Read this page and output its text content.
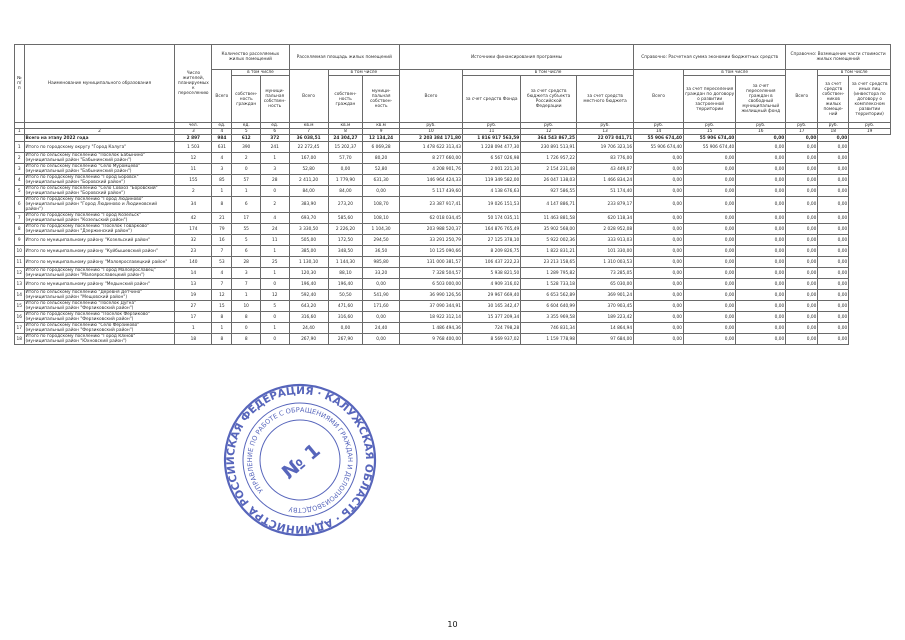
№ п/п	Наименование муниципального образования	Число жителей, планируемых к переселению	Количество расселяемых жилых помещений			Расселяемая площадь жилых помещений			Источники финансирования программы				Справочно: Расчетная сумма экономии бюджетных средств			Справочно: Возмещение части стоимости жилых помещений		
			Всего	в том числе		Всего	в том числе		Всего	в том числе			Всего	в том числе		Всего	в том числе	
				собствен-ность граждан	муници-пальная собствен-ность		собствен-ность граждан	муници-пальная собствен-ность		за счет средств Фонда	за счет средств бюджета субъекта Российской Федерации	за счет средств местного бюджета		за счет переселения граждан по договору о развитии застроенной территории	за счет переселения граждан в свободный муниципальный жилищный фонд		за счет средств собствен-ников жилых помеще-ний	за счет средств иных лиц (инвестора по договору о комплексном развитии территории)
		чел.	ед.	ед.	ед.	кв.м	кв.м	кв.м	руб.	руб.	руб.	руб.	руб.	руб.	руб.	руб.	руб.	руб.
1	2	3	4	5	6	7	8	9	10	11	12	13	14	15	16	17	18	19
	Всего на этапу 2022 года	2 897	984	612	372	36 038,51	24 304,27	12 134,24	2 203 384 171,80	1 816 917 563,59	364 543 867,25	22 073 041,71	55 906 674,40	55 906 674,40	0,00	0,00	0,00	
1	Итого по городскому округу "Город Калуга"	1 503	631	390	241	22 272,45	15 202,37	6 069,28	1 478 622 313,43	1 228 094 477,30	230 891 513,91	19 706 323,16	55 906 674,40	55 906 674,40	0,00	0,00	0,00	
2	Итого по сельскому поселению "Поселок Бабынино" (муниципальный район "Бабынинский район")	12	4	2	1	167,00	57,70	80,20	8 277 660,00	6 567 026,98	1 726 957,22	83 776,00	0,00	0,00	0,00	0,00	0,00	
3	Итого по сельскому поселению "Село Муромцево" (муниципальный район "Бабынинский район")	11	3	0	3	52,80	0,00	52,80	4 208 901,76	2 001 221,30	2 154 231,48	43 449,07	0,00	0,00	0,00	0,00	0,00	
4	Итого по городскому поселению "Город Боровск" (муниципальный район "Боровский район")	155	85	57	28	2 411,20	1 779,90	631,30	146 964 424,33	119 349 582,00	26 047 138,03	1 466 834,24	0,00	0,00	0,00	0,00	0,00	
5	Итого по сельскому поселению "Село Совхоз "Боровский" (муниципальный район "Боровский район")	2	1	1	0	84,00	84,00	0,00	5 117 439,60	4 138 676,63	927 586,55	51 174,40	0,00	0,00	0,00	0,00	0,00	
6	Итого по городскому поселению "Город Людиново" (муниципальный район "Город Людиново и Людиновский район")	34	8	6	2	383,90	273,20	108,70	23 387 917,41	19 026 151,53	4 147 886,71	233 879,17	0,00	0,00	0,00	0,00	0,00	
7	Итого по городскому поселению "Город Козельск" (муниципальный район "Козельский район")	42	21	17	4	693,70	585,60	108,10	62 018 034,45	50 174 035,11	11 463 881,58	620 118,34	0,00	0,00	0,00	0,00	0,00	
8	Итого по городскому поселению "Поселок Товарково" (муниципальный район "Дзержинский район")	174	79	55	24	3 330,50	2 226,20	1 104,30	203 988 520,37	164 876 765,49	35 902 568,00	2 028 952,08	0,00	0,00	0,00	0,00	0,00	
9	Итого по муниципальному району "Козельский район"	32	16	5	11	505,00	172,50	294,50	33 291 250,79	27 125 378,10	5 922 002,36	333 913,03	0,00	0,00	0,00	0,00	0,00	
10	Итого по муниципальному району "Куйбышевский район"	23	7	6	1	385,00	348,50	36,50	10 125 090,66	8 209 826,75	1 822 831,21	101 330,00	0,00	0,00	0,00	0,00	0,00	
11	Итого по муниципальному району "Малоярославецкий район"	140	53	28	25	1 130,10	1 144,30	985,80	131 000 381,57	106 437 222,23	23 213 158,65	1 310 003,53	0,00	0,00	0,00	0,00	0,00	
12	Итого по городскому поселению "Город Малоярославец" (муниципальный район "Малоярославецкий район")	14	4	3	1	120,30	88,10	33,20	7 328 504,57	5 938 821,50	1 289 795,82	73 285,05	0,00	0,00	0,00	0,00	0,00	
13	Итого по муниципальному району "Медынский район"	13	7	7	0	196,40	196,40	0,00	6 503 000,00	4 909 316,02	1 528 733,18	65 030,00	0,00	0,00	0,00	0,00	0,00	
14	Итого по сельскому поселению "Деревня Детчино" (муниципальный район "Мещовский район")	19	12	1	12	592,40	50,50	541,90	36 990 126,56	29 967 669,40	6 653 562,89	369 901,24	0,00	0,00	0,00	0,00	0,00	
15	Итого по сельскому поселению "Поселок Дугна" (муниципальный район "Ферзиковский район")	27	15	10	5	643,20	471,60	171,60	37 090 344,91	30 165 342,47	6 604 640,99	370 903,45	0,00	0,00	0,00	0,00	0,00	
16	Итого по городскому поселению "Поселок Ферзиково" (муниципальный район "Ферзиковский район")	17	8	8	0	316,60	316,60	0,00	18 922 312,14	15 377 209,34	3 355 969,58	189 223,42	0,00	0,00	0,00	0,00	0,00	
17	Итого по сельскому поселению "Село Ферзиково" (муниципальный район "Ферзиковский район")	1	1	0	1	24,40	0,00	24,40	1 486 494,36	724 798,28	746 831,34	14 864,94	0,00	0,00	0,00	0,00	0,00	
18	Итого по городскому поселению "Город Юхнов" (муниципальный район "Юхновский район")	18	8	8	0	267,90	267,90	0,00	9 768 400,00	8 569 937,02	1 159 778,98	97 684,00	0,00	0,00	0,00	0,00	0,00	
РОССИЙСКАЯ ФЕДЕРАЦИЯ · КАЛУЖСКАЯ ОБЛАСТЬ · АДМИНИСТРАЦИЯ
УПРАВЛЕНИЕ ПО РАБОТЕ С ОБРАЩЕНИЯМИ ГРАЖДАН И ДЕЛОПРОИЗВОДСТВУ
№ 1
10
